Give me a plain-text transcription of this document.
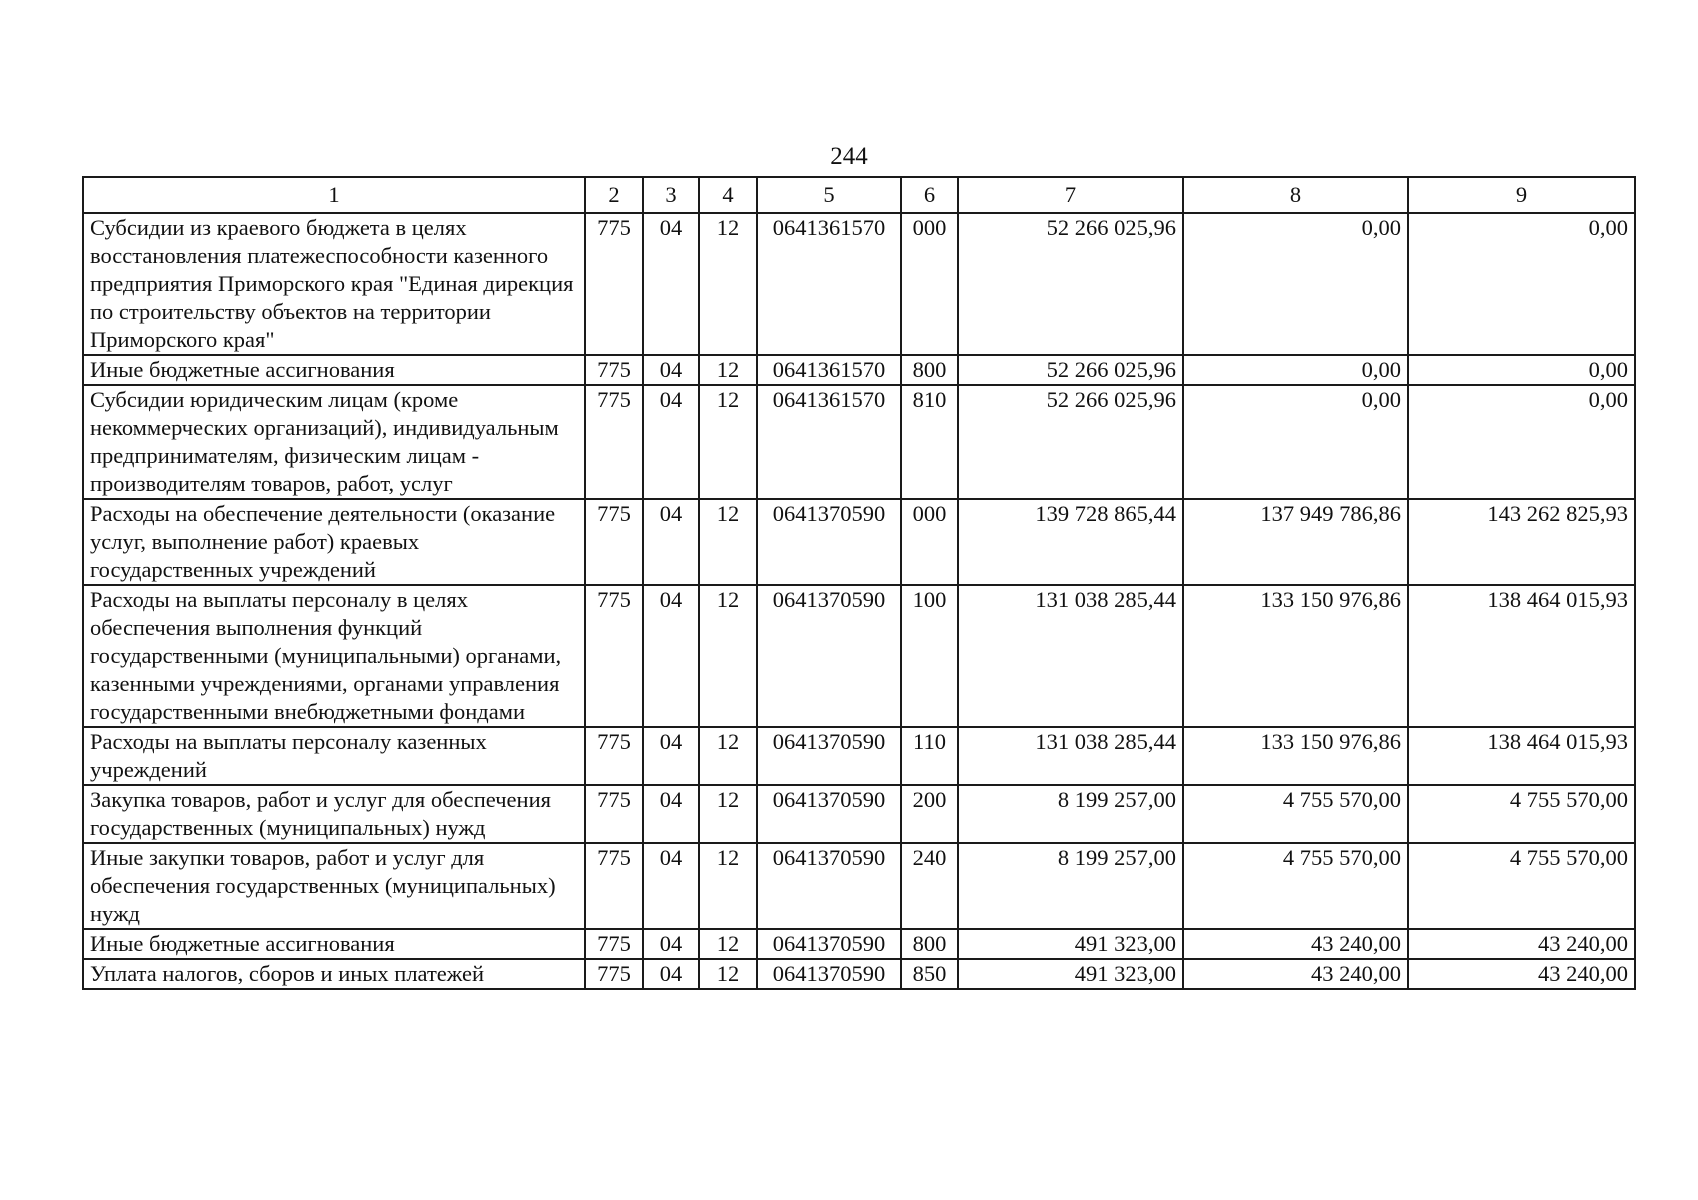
244
1	2	3	4	5	6	7	8	9
Субсидии из краевого бюджета в целях восстановления платежеспособности казенного предприятия Приморского края "Единая дирекция по строительству объектов на территории Приморского края"	775	04	12	0641361570	000	52 266 025,96	0,00	0,00
Иные бюджетные ассигнования	775	04	12	0641361570	800	52 266 025,96	0,00	0,00
Субсидии юридическим лицам (кроме некоммерческих организаций), индивидуальным предпринимателям, физическим лицам - производителям товаров, работ, услуг	775	04	12	0641361570	810	52 266 025,96	0,00	0,00
Расходы на обеспечение деятельности (оказание услуг, выполнение работ) краевых государственных учреждений	775	04	12	0641370590	000	139 728 865,44	137 949 786,86	143 262 825,93
Расходы на выплаты персоналу в целях обеспечения выполнения функций государственными (муниципальными) органами, казенными учреждениями, органами управления государственными внебюджетными фондами	775	04	12	0641370590	100	131 038 285,44	133 150 976,86	138 464 015,93
Расходы на выплаты персоналу казенных учреждений	775	04	12	0641370590	110	131 038 285,44	133 150 976,86	138 464 015,93
Закупка товаров, работ и услуг для обеспечения государственных (муниципальных) нужд	775	04	12	0641370590	200	8 199 257,00	4 755 570,00	4 755 570,00
Иные закупки товаров, работ и услуг для обеспечения государственных (муниципальных) нужд	775	04	12	0641370590	240	8 199 257,00	4 755 570,00	4 755 570,00
Иные бюджетные ассигнования	775	04	12	0641370590	800	491 323,00	43 240,00	43 240,00
Уплата налогов, сборов и иных платежей	775	04	12	0641370590	850	491 323,00	43 240,00	43 240,00
